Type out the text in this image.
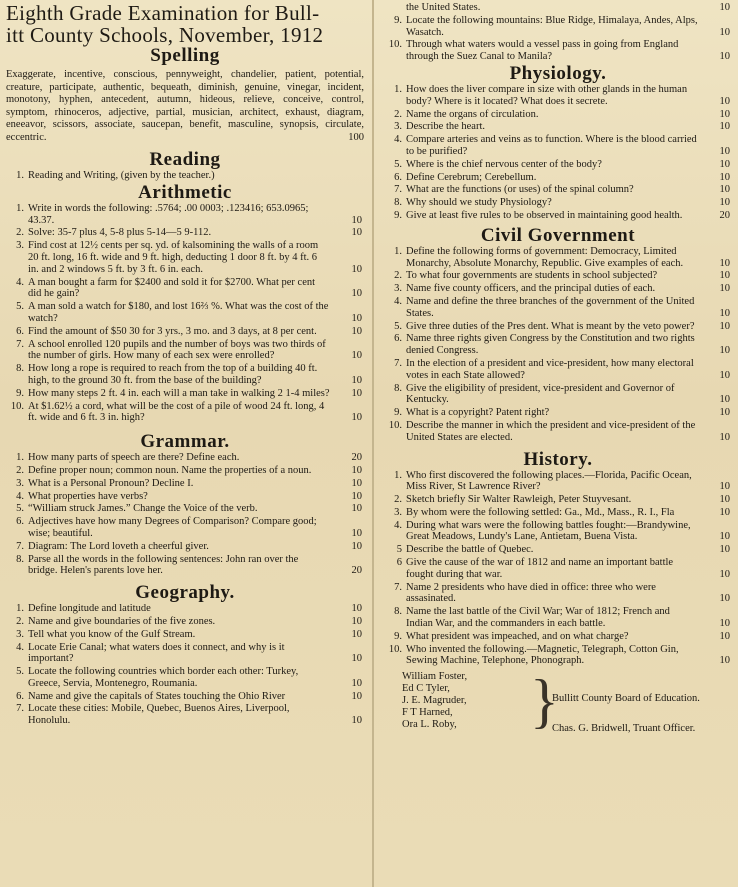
Eighth Grade Examination for Bull-
itt County Schools, November, 1912
Spelling
Exaggerate, incentive, conscious, pennyweight, chandelier, patient, potential, creature, participate, authentic, bequeath, diminish, genuine, vinegar, incident, monotony, hyphen, antecedent, autumn, hideous, relieve, conceive, control, symptom, rhinoceros, adjective, partial, musician, architect, exhaust, diagram, eneeavor, scissors, associate, saucepan, benefit, masculine, synopsis, circulate, eccentric.	100
Reading
1. Reading and Writing, (given by the teacher.)
Arithmetic
1. Write in words the following: .5764; .00 0003; .123416; 653.0965; 43.37.	10
2. Solve: 35-7 plus 4, 5-8 plus 5-14—5 9-112.	10
3. Find cost at 12½ cents per sq. yd. of kalsomining the walls of a room 20 ft. long, 16 ft. wide and 9 ft. high, deducting 1 door 8 ft. by 4 ft. 6 in. and 2 windows 5 ft. by 3 ft. 6 in. each.	10
4. A man bought a farm for $2400 and sold it for $2700. What per cent did he gain?	10
5. A man sold a watch for $180, and lost 16⅔ %. What was the cost of the watch?	10
6. Find the amount of $50 30 for 3 yrs., 3 mo. and 3 days, at 8 per cent.	10
7. A school enrolled 120 pupils and the number of boys was two thirds of the number of girls. How many of each sex were enrolled?	10
8. How long a rope is required to reach from the top of a building 40 ft. high, to the ground 30 ft. from the base of the building?	10
9. How many steps 2 ft. 4 in. each will a man take in walking 2 1-4 miles? 10
10. At $1.62½ a cord, what will be the cost of a pile of wood 24 ft. long, 4 ft. wide and 6 ft. 3 in. high?	10
Grammar.
1. How many parts of speech are there? Define each.	20
2. Define proper noun; common noun. Name the properties of a noun.	10
3. What is a Personal Pronoun? Decline I.	10
4. What properties have verbs?	10
5. “William struck James.” Change the Voice of the verb.	10
6. Adjectives have how many Degrees of Comparison? Compare good; wise; beautiful.	10
7. Diagram: The Lord loveth a cheerful giver.	10
8. Parse all the words in the following sentences: John ran over the bridge. Helen's parents love her.	20
Geography.
1. Define longitude and latitude	10
2. Name and give boundaries of the five zones.	10
3. Tell what you know of the Gulf Stream.	10
4. Locate Erie Canal; what waters does it connect, and why is it important?	10
5. Locate the following countries which border each other: Turkey, Greece, Servia, Montenegro, Roumania.	10
6. Name and give the capitals of States touching the Ohio River	10
7. Locate these cities: Mobile, Quebec, Buenos Aires, Liverpool, Honolulu.	10
the United States.	10
9. Locate the following mountains: Blue Ridge, Himalaya, Andes, Alps, Wasatch.	10
10. Through what waters would a vessel pass in going from England through the Suez Canal to Manila?	10
Physiology.
1. How does the liver compare in size with other glands in the human body? Where is it located? What does it secrete.	10
2. Name the organs of circulation.	10
3. Describe the heart.	10
4. Compare arteries and veins as to function. Where is the blood carried to be purified?	10
5. Where is the chief nervous center of the body?	10
6. Define Cerebrum; Cerebellum.	10
7. What are the functions (or uses) of the spinal column?	10
8. Why should we study Physiology?	10
9. Give at least five rules to be observed in maintaining good health.	20
Civil Government
1. Define the following forms of government: Democracy, Limited Monarchy, Absolute Monarchy, Republic. Give examples of each.	10
2. To what four governments are students in school subjected?	10
3. Name five county officers, and the principal duties of each.	10
4. Name and define the three branches of the government of the United States.	10
5. Give three duties of the Pres dent. What is meant by the veto power? 10
6. Name three rights given Congress by the Constitution and two rights denied Congress.	10
7. In the election of a president and vice-president, how many electoral votes in each State allowed?	10
8. Give the eligibility of president, vice-president and Governor of Kentucky.	10
9. What is a copyright? Patent right?	10
10. Describe the manner in which the president and vice-president of the United States are elected.	10
History.
1. Who first discovered the following places.—Florida, Pacific Ocean, Miss River, St Lawrence River?	10
2. Sketch briefly Sir Walter Rawleigh, Peter Stuyvesant.	10
3. By whom were the following settled: Ga., Md., Mass., R. I., Fla	10
4. During what wars were the following battles fought:—Brandywine, Great Meadows, Lundy's Lane, Antietam, Buena Vista.	10
5 Describe the battle of Quebec.	10
6 Give the cause of the war of 1812 and name an important battle fought during that war.	10
7. Name 2 presidents who have died in office: three who were assasinated.	10
8. Name the last battle of the Civil War; War of 1812; French and Indian War, and the commanders in each battle.	10
9. What president was impeached, and on what charge?	10
10. Who invented the following.—Magnetic, Telegraph, Cotton Gin, Sewing Machine, Telephone, Phonograph.	10
William Foster,
Ed C Tyler,
J. E. Magruder,
F T Harned,
Ora L. Roby, }
Bullitt County Board of Education.
Chas. G. Bridwell, Truant Officer.
